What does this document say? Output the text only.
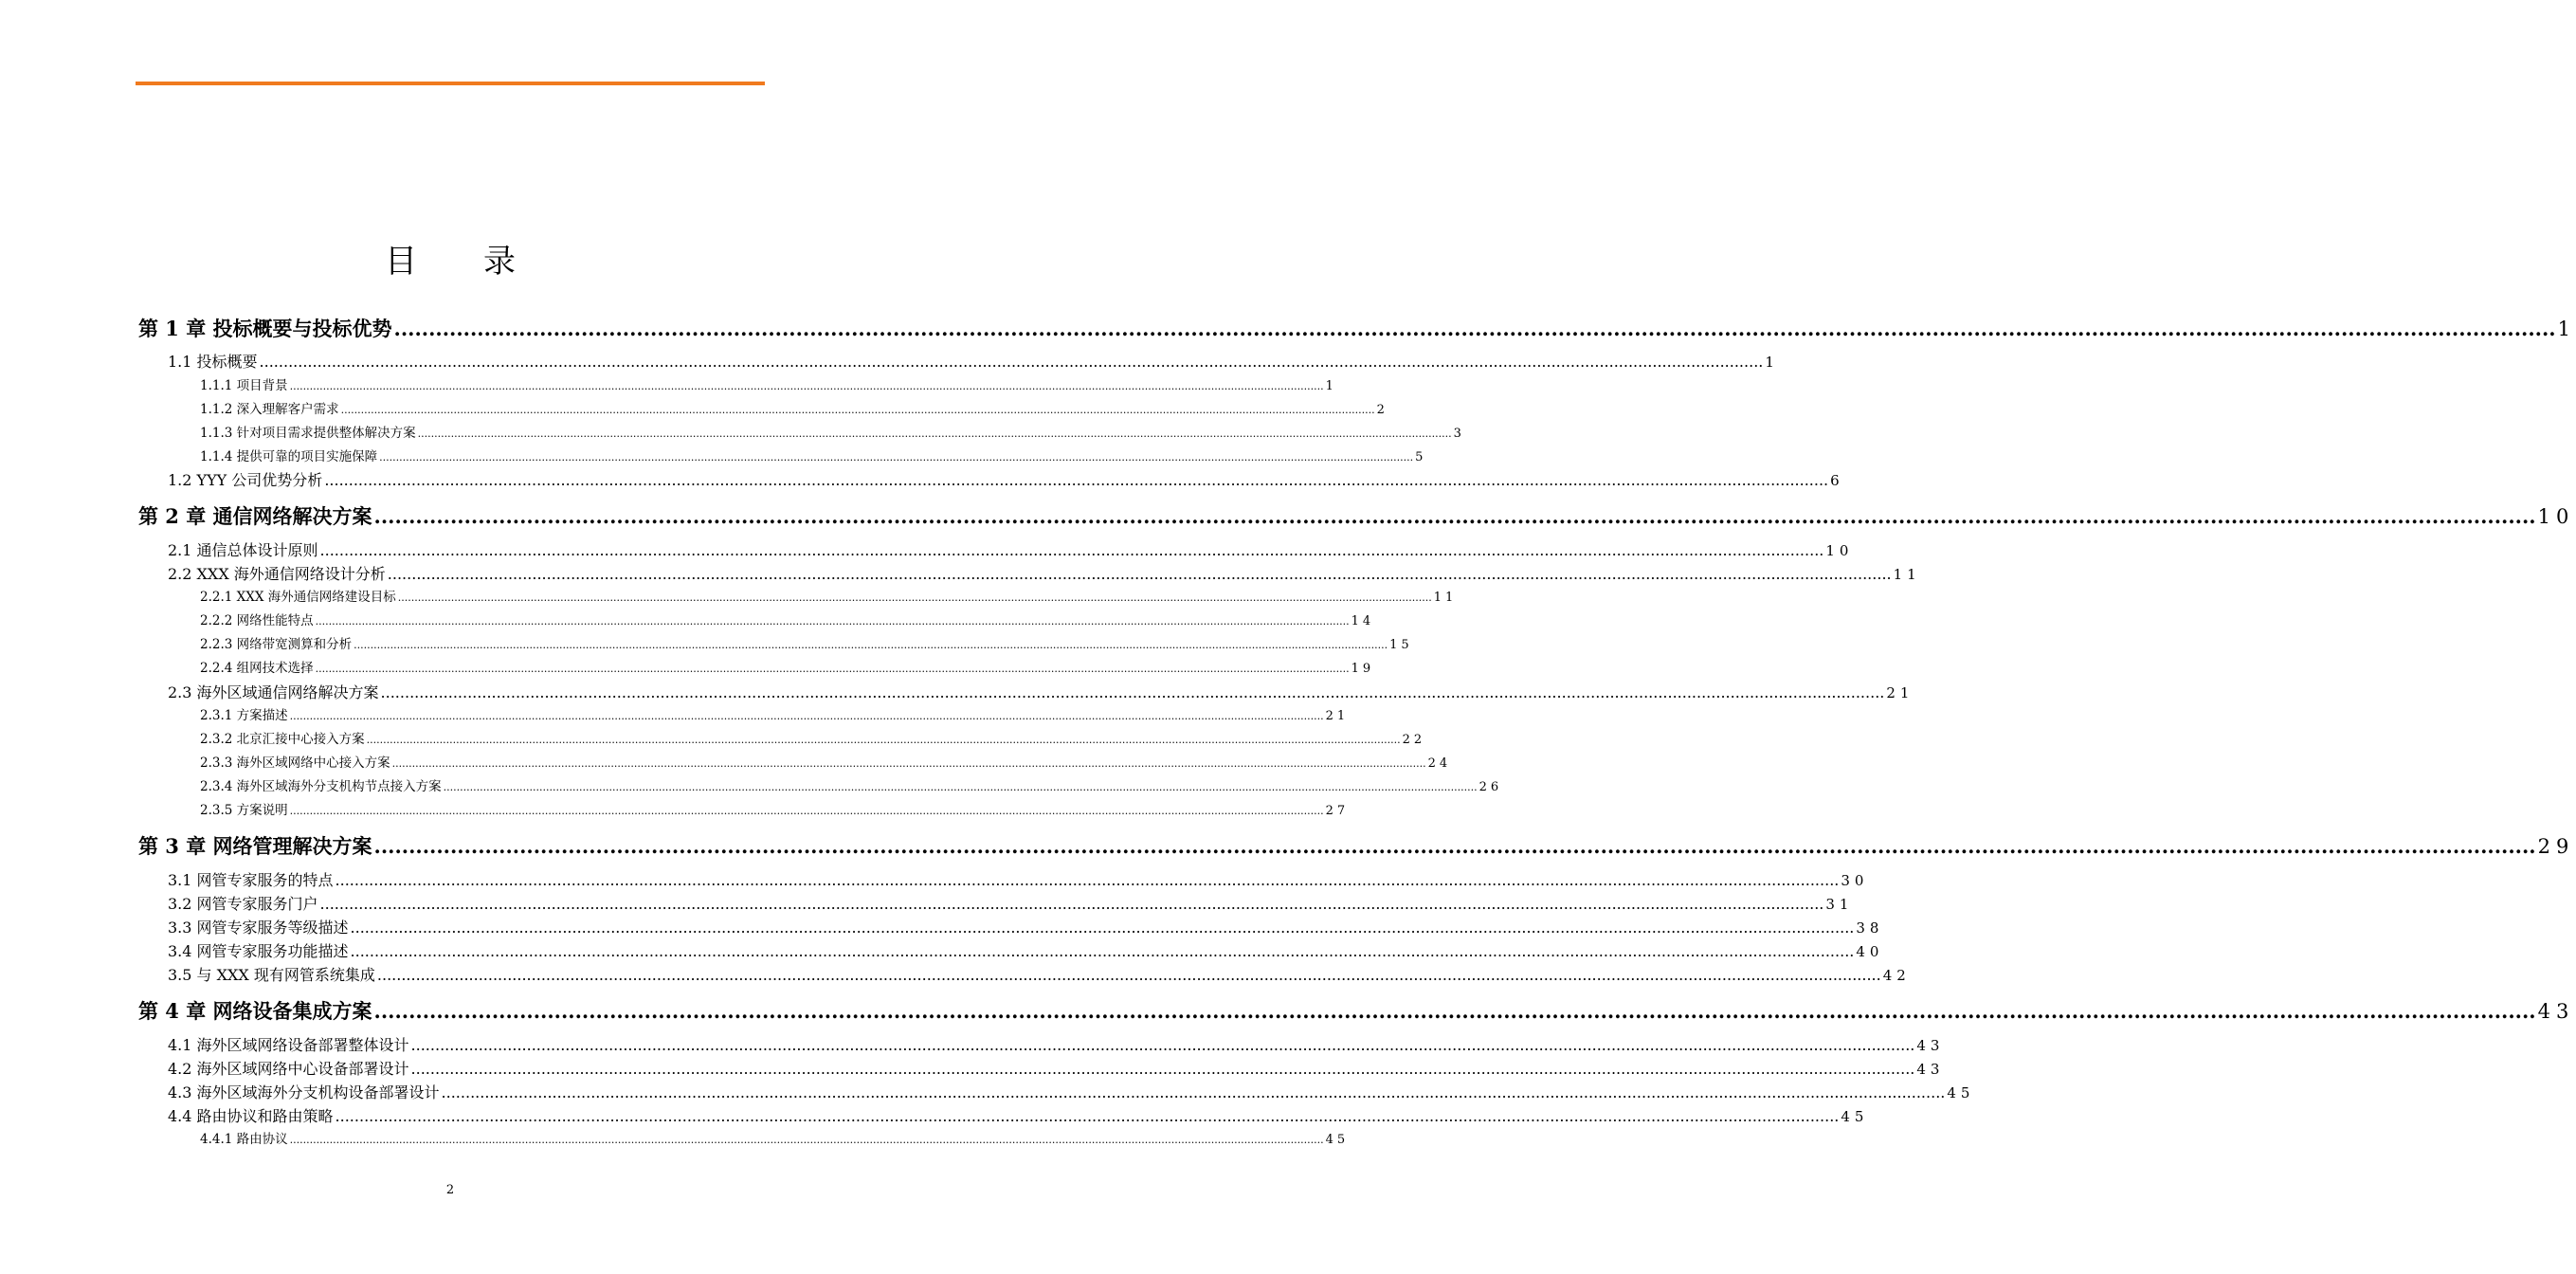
目 录
第 1 章 投标概要与投标优势 .....	1
1.1 投标概要 .....	1
1.1.1 项目背景 .....	1
1.1.2 深入理解客户需求 .....	2
1.1.3 针对项目需求提供整体解决方案 .....	3
1.1.4 提供可靠的项目实施保障 .....	5
1.2 YYY 公司优势分析 .....	6
第 2 章 通信网络解决方案 .....	10
2.1 通信总体设计原则 .....	10
2.2 XXX 海外通信网络设计分析 .....	11
2.2.1 XXX 海外通信网络建设目标 .....	11
2.2.2 网络性能特点 .....	14
2.2.3 网络带宽测算和分析 .....	15
2.2.4 组网技术选择 .....	19
2.3 海外区域通信网络解决方案 .....	21
2.3.1 方案描述 .....	21
2.3.2 北京汇接中心接入方案 .....	22
2.3.3 海外区域网络中心接入方案 .....	24
2.3.4 海外区域海外分支机构节点接入方案 .....	26
2.3.5 方案说明 .....	27
第 3 章 网络管理解决方案 .....	29
3.1 网管专家服务的特点 .....	30
3.2 网管专家服务门户 .....	31
3.3 网管专家服务等级描述 .....	38
3.4 网管专家服务功能描述 .....	40
3.5 与 XXX 现有网管系统集成 .....	42
第 4 章 网络设备集成方案 .....	43
4.1 海外区域网络设备部署整体设计 .....	43
4.2 海外区域网络中心设备部署设计 .....	43
4.3 海外区域海外分支机构设备部署设计 .....	45
4.4 路由协议和路由策略 .....	45
4.4.1 路由协议 .....	45
2
